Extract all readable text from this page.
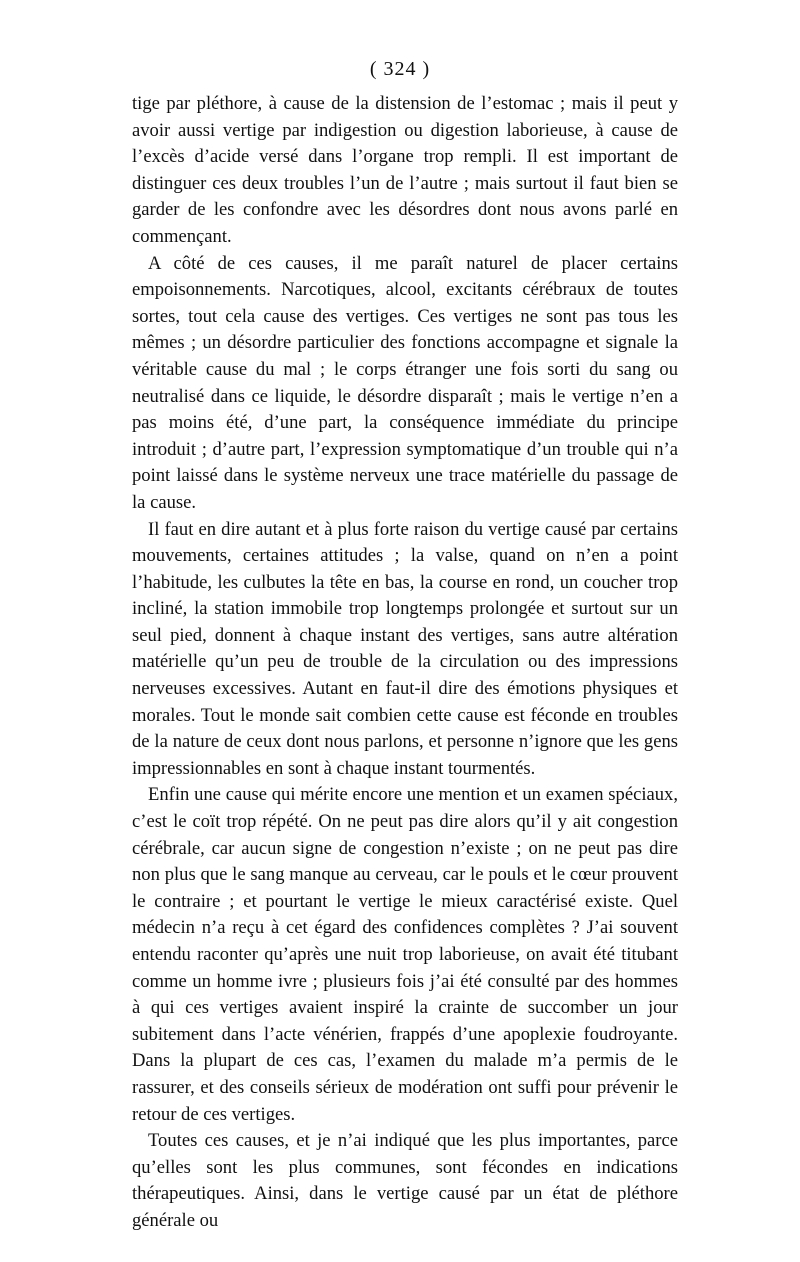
( 324 )

tige par pléthore, à cause de la distension de l’estomac ; mais il peut y avoir aussi vertige par indigestion ou digestion laborieuse, à cause de l’excès d’acide versé dans l’organe trop rempli. Il est important de distinguer ces deux troubles l’un de l’autre ; mais surtout il faut bien se garder de les confondre avec les désordres dont nous avons parlé en commençant.

A côté de ces causes, il me paraît naturel de placer certains empoisonnements. Narcotiques, alcool, excitants cérébraux de toutes sortes, tout cela cause des vertiges. Ces vertiges ne sont pas tous les mêmes ; un désordre particulier des fonctions accompagne et signale la véritable cause du mal ; le corps étranger une fois sorti du sang ou neutralisé dans ce liquide, le désordre disparaît ; mais le vertige n’en a pas moins été, d’une part, la conséquence immédiate du principe introduit ; d’autre part, l’expression symptomatique d’un trouble qui n’a point laissé dans le système nerveux une trace matérielle du passage de la cause.

Il faut en dire autant et à plus forte raison du vertige causé par certains mouvements, certaines attitudes ; la valse, quand on n’en a point l’habitude, les culbutes la tête en bas, la course en rond, un coucher trop incliné, la station immobile trop longtemps prolongée et surtout sur un seul pied, donnent à chaque instant des vertiges, sans autre altération matérielle qu’un peu de trouble de la circulation ou des impressions nerveuses excessives. Autant en faut-il dire des émotions physiques et morales. Tout le monde sait combien cette cause est féconde en troubles de la nature de ceux dont nous parlons, et personne n’ignore que les gens impressionnables en sont à chaque instant tourmentés.

Enfin une cause qui mérite encore une mention et un examen spéciaux, c’est le coït trop répété. On ne peut pas dire alors qu’il y ait congestion cérébrale, car aucun signe de congestion n’existe ; on ne peut pas dire non plus que le sang manque au cerveau, car le pouls et le cœur prouvent le contraire ; et pourtant le vertige le mieux caractérisé existe. Quel médecin n’a reçu à cet égard des confidences complètes ? J’ai souvent entendu raconter qu’après une nuit trop laborieuse, on avait été titubant comme un homme ivre ; plusieurs fois j’ai été consulté par des hommes à qui ces vertiges avaient inspiré la crainte de succomber un jour subitement dans l’acte vénérien, frappés d’une apoplexie foudroyante. Dans la plupart de ces cas, l’examen du malade m’a permis de le rassurer, et des conseils sérieux de modération ont suffi pour prévenir le retour de ces vertiges.

Toutes ces causes, et je n’ai indiqué que les plus importantes, parce qu’elles sont les plus communes, sont fécondes en indications thérapeutiques. Ainsi, dans le vertige causé par un état de pléthore générale ou
